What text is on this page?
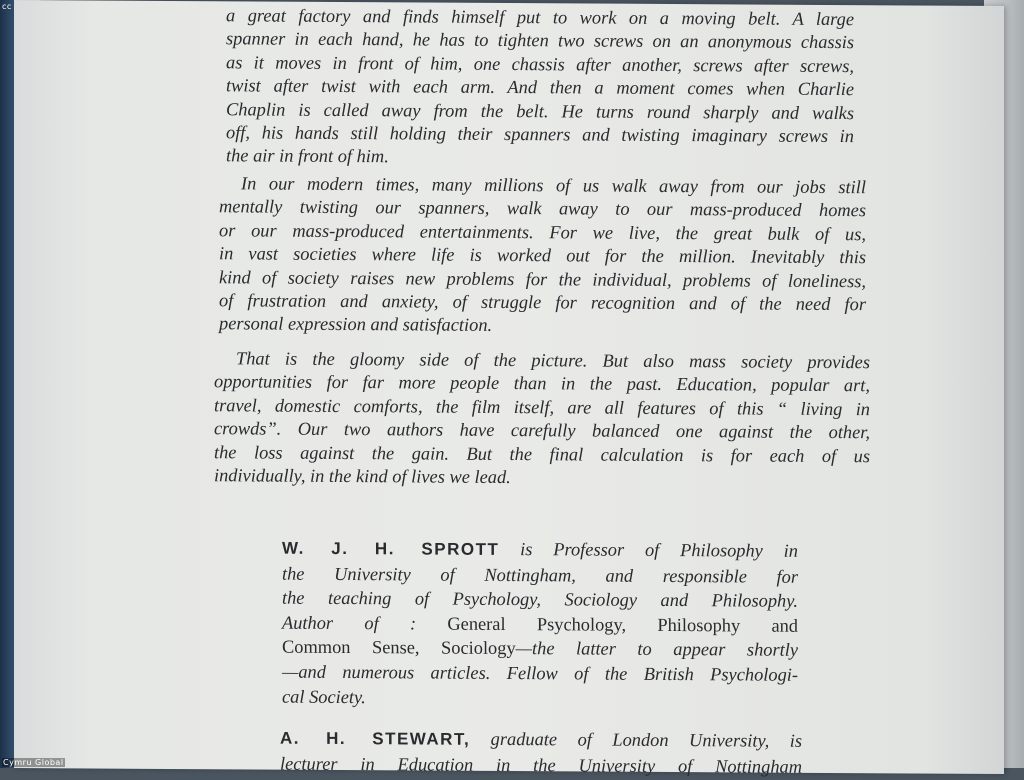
a great factory and finds himself put to work on a moving belt. A large
spanner in each hand, he has to tighten two screws on an anonymous chassis
as it moves in front of him, one chassis after another, screws after screws,
twist after twist with each arm. And then a moment comes when Charlie
Chaplin is called away from the belt. He turns round sharply and walks
off, his hands still holding their spanners and twisting imaginary screws in
the air in front of him.
In our modern times, many millions of us walk away from our jobs still
mentally twisting our spanners, walk away to our mass-produced homes
or our mass-produced entertainments. For we live, the great bulk of us,
in vast societies where life is worked out for the million. Inevitably this
kind of society raises new problems for the individual, problems of loneliness,
of frustration and anxiety, of struggle for recognition and of the need for
personal expression and satisfaction.
That is the gloomy side of the picture. But also mass society provides
opportunities for far more people than in the past. Education, popular art,
travel, domestic comforts, the film itself, are all features of this “ living in
crowds”. Our two authors have carefully balanced one against the other,
the loss against the gain. But the final calculation is for each of us
individually, in the kind of lives we lead.
W. J. H. SPROTT is Professor of Philosophy in
the University of Nottingham, and responsible for
the teaching of Psychology, Sociology and Philosophy.
Author of : General Psychology, Philosophy and
Common Sense, Sociology—the latter to appear shortly
—and numerous articles. Fellow of the British Psychologi-
cal Society.
A. H. STEWART, graduate of London University, is
lecturer in Education in the University of Nottingham
cc
Cymru Global
